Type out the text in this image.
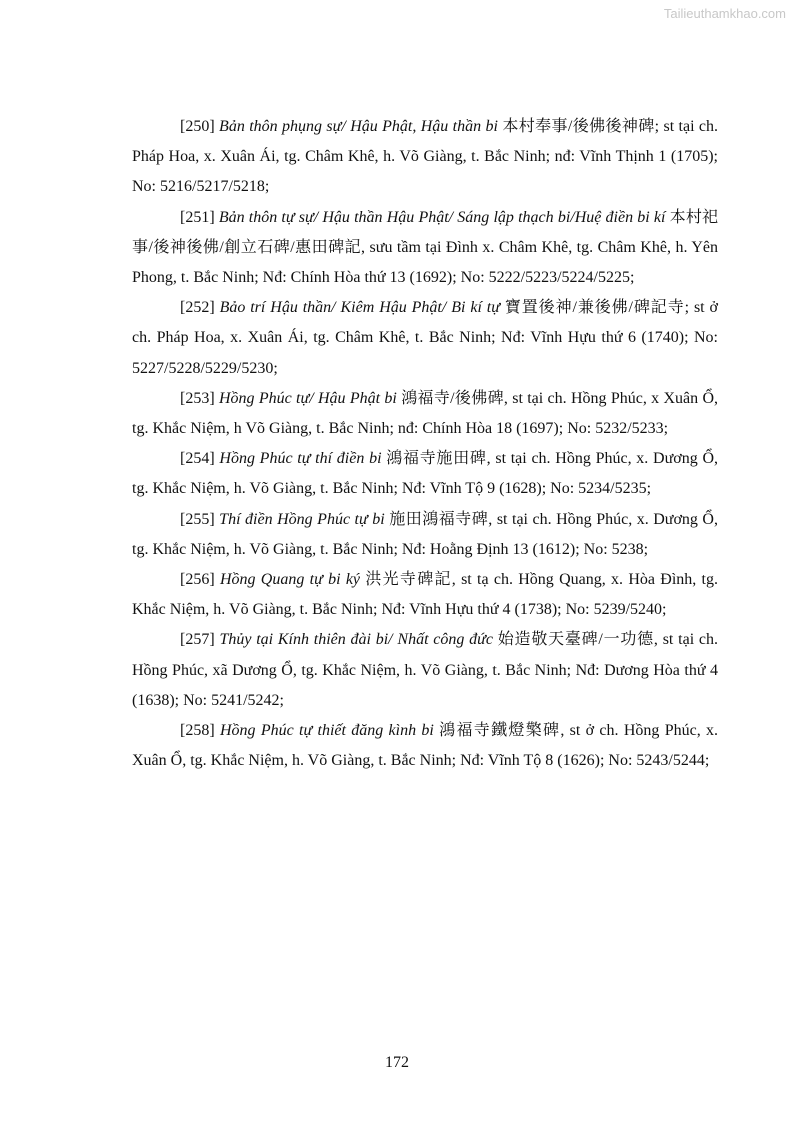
Tailieuthamkhao.com

[250] Bản thôn phụng sự/ Hậu Phật, Hậu thần bi 本村奉事/後佛後神碑; st tại ch. Pháp Hoa, x. Xuân Ái, tg. Châm Khê, h. Võ Giàng, t. Bắc Ninh; nđ: Vĩnh Thịnh 1 (1705); No: 5216/5217/5218;

[251] Bản thôn tự sự/ Hậu thần Hậu Phật/ Sáng lập thạch bi/Huệ điền bi kí 本村祀事/後神後佛/創立石碑/惠田碑記, sưu tầm tại Đình x. Châm Khê, tg. Châm Khê, h. Yên Phong, t. Bắc Ninh; Nđ: Chính Hòa thứ 13 (1692); No: 5222/5223/5224/5225;

[252] Bảo trí Hậu thần/ Kiêm Hậu Phật/ Bi kí tự 寶置後神/兼後佛/碑記寺; st ở ch. Pháp Hoa, x. Xuân Ái, tg. Châm Khê, t. Bắc Ninh; Nđ: Vĩnh Hựu thứ 6 (1740); No: 5227/5228/5229/5230;

[253] Hồng Phúc tự/ Hậu Phật bi 鴻福寺/後佛碑, st tại ch. Hồng Phúc, x Xuân Ổ, tg. Khắc Niệm, h Võ Giàng, t. Bắc Ninh; nđ: Chính Hòa 18 (1697); No: 5232/5233;

[254] Hồng Phúc tự thí điền bi 鴻福寺施田碑, st tại ch. Hồng Phúc, x. Dương Ổ, tg. Khắc Niệm, h. Võ Giàng, t. Bắc Ninh; Nđ: Vĩnh Tộ 9 (1628); No: 5234/5235;

[255] Thí điền Hồng Phúc tự bi 施田鴻福寺碑, st tại ch. Hồng Phúc, x. Dương Ổ, tg. Khắc Niệm, h. Võ Giàng, t. Bắc Ninh; Nđ: Hoằng Định 13 (1612); No: 5238;

[256] Hồng Quang tự bi ký 洪光寺碑記, st tạ ch. Hồng Quang, x. Hòa Đình, tg. Khắc Niệm, h. Võ Giàng, t. Bắc Ninh; Nđ: Vĩnh Hựu thứ 4 (1738); No: 5239/5240;

[257] Thủy tại Kính thiên đài bi/ Nhất công đức 始造敬天臺碑/一功德, st tại ch. Hồng Phúc, xã Dương Ổ, tg. Khắc Niệm, h. Võ Giàng, t. Bắc Ninh; Nđ: Dương Hòa thứ 4 (1638); No: 5241/5242;

[258] Hồng Phúc tự thiết đăng kình bi 鴻福寺鐵燈檠碑, st ở ch. Hồng Phúc, x. Xuân Ổ, tg. Khắc Niệm, h. Võ Giàng, t. Bắc Ninh; Nđ: Vĩnh Tộ 8 (1626); No: 5243/5244;

172
